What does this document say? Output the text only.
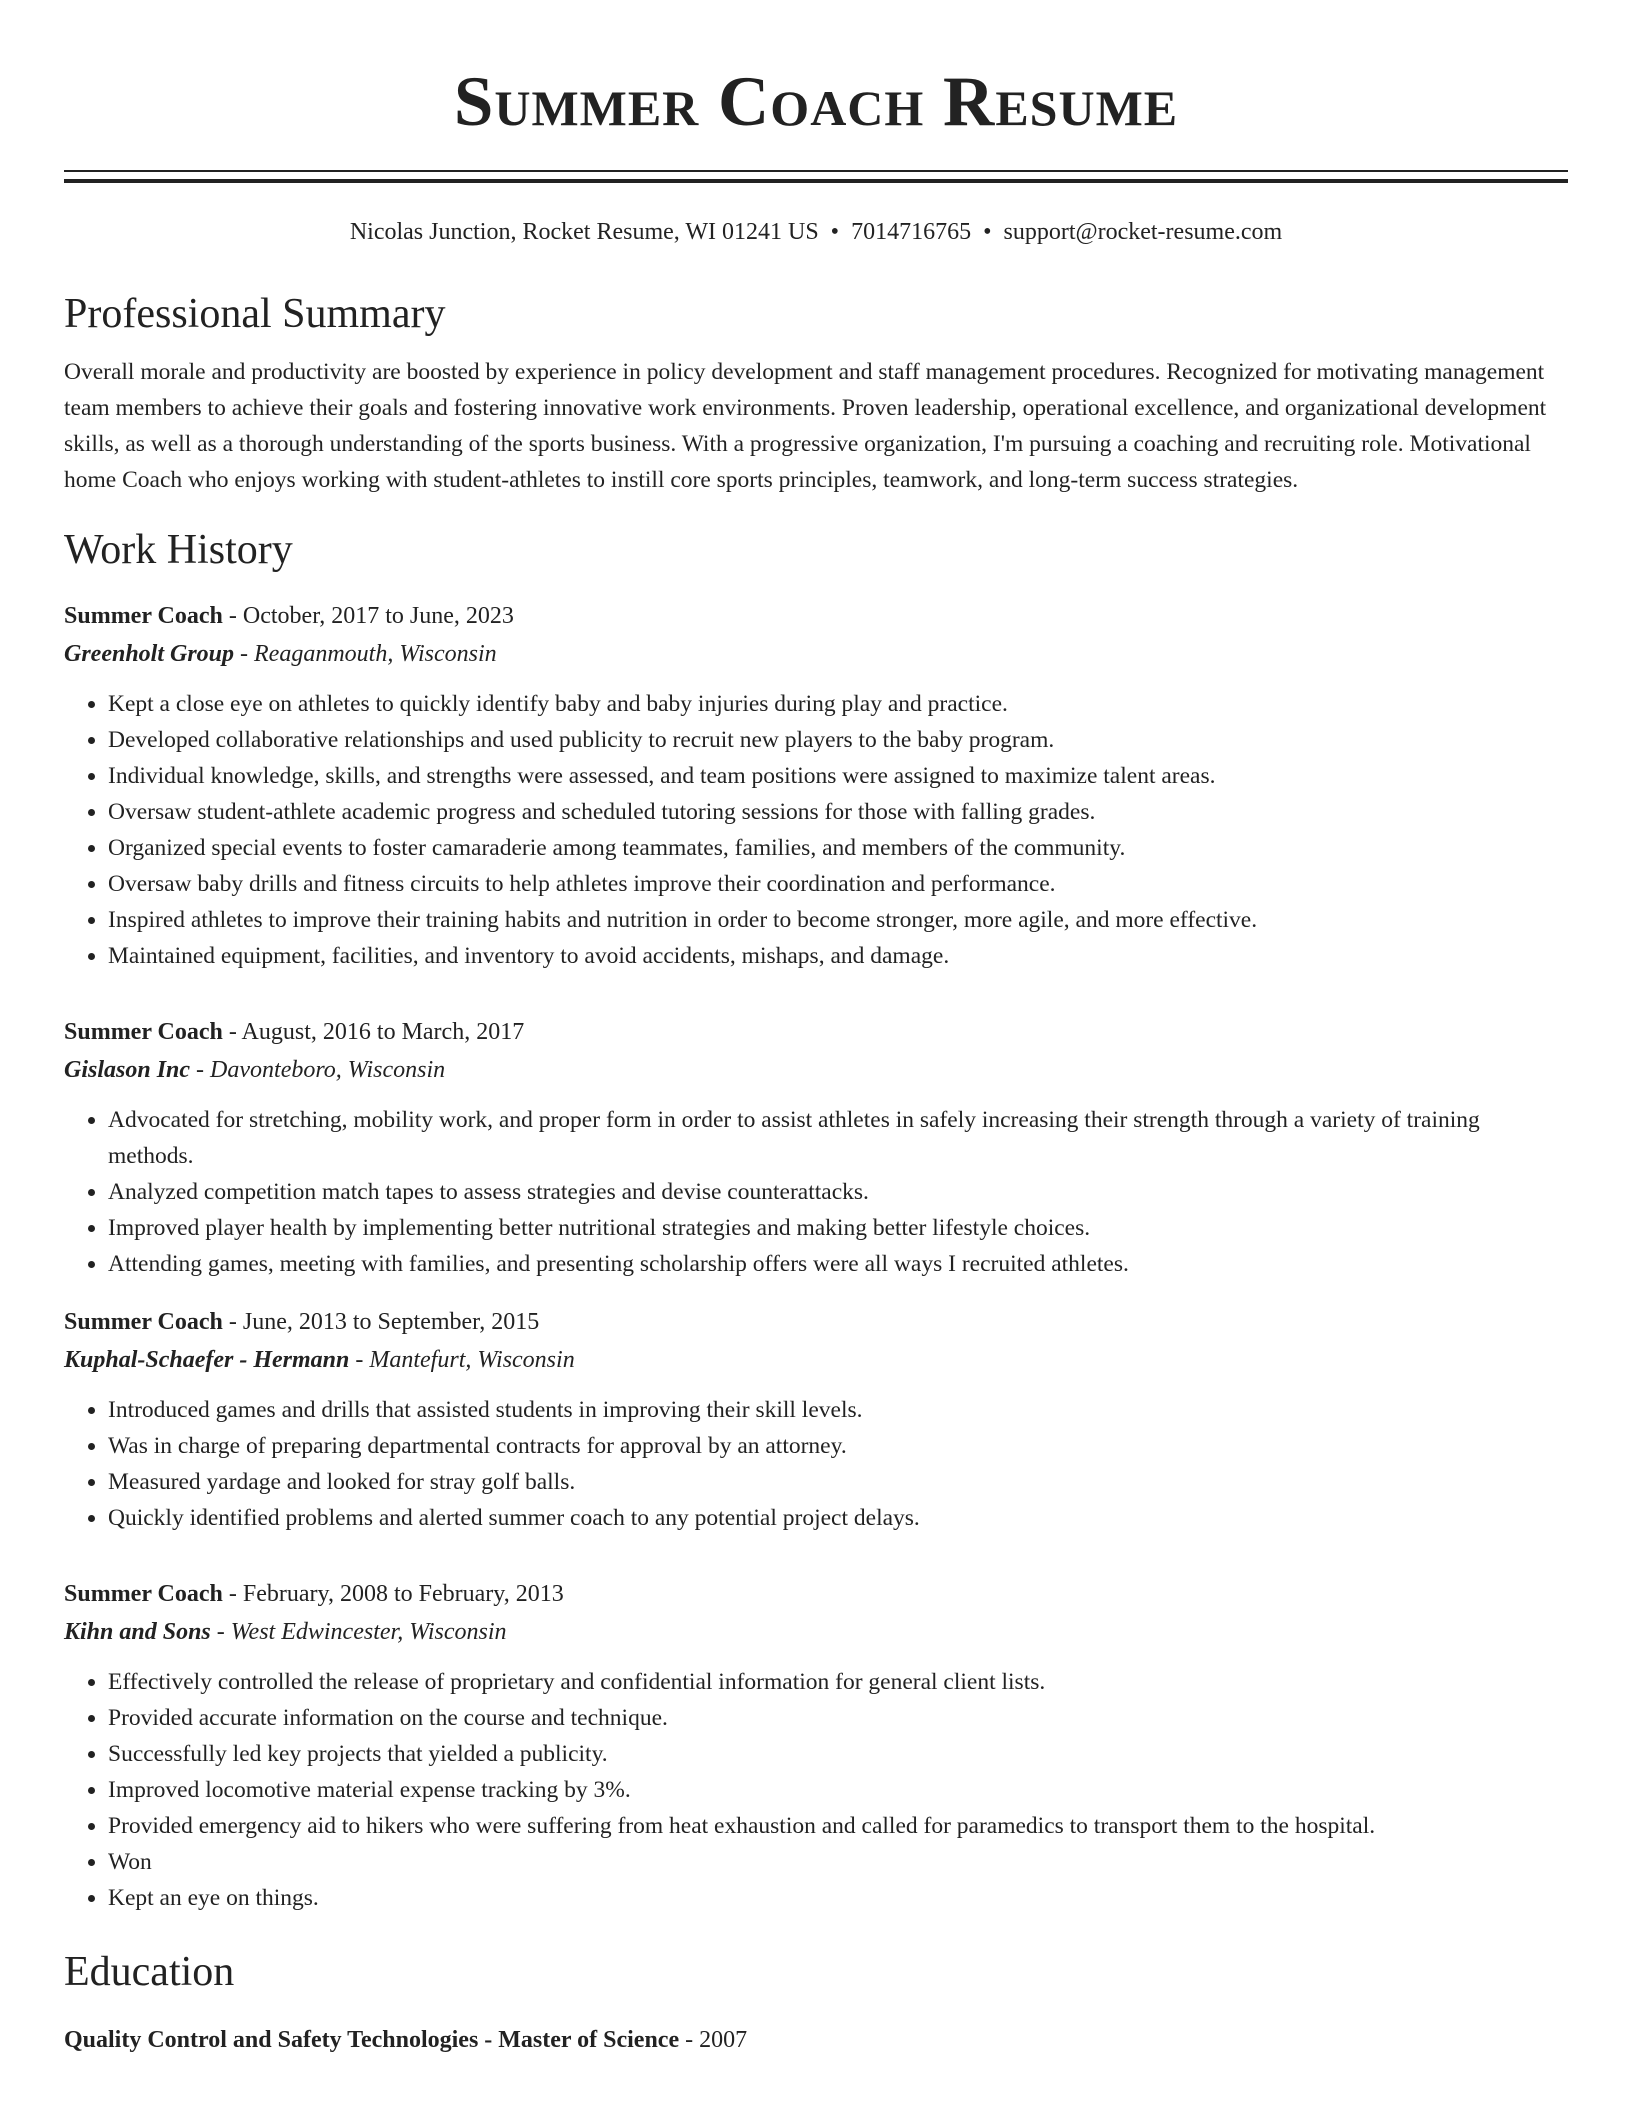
Summer Coach Resume
Nicolas Junction, Rocket Resume, WI 01241 US • 7014716765 • support@rocket-resume.com
Professional Summary

Overall morale and productivity are boosted by experience in policy development and staff management procedures. Recognized for motivating management team members to achieve their goals and fostering innovative work environments. Proven leadership, operational excellence, and organizational development skills, as well as a thorough understanding of the sports business. With a progressive organization, I'm pursuing a coaching and recruiting role. Motivational home Coach who enjoys working with student-athletes to instill core sports principles, teamwork, and long-term success strategies.

Work History
Summer Coach - October, 2017 to June, 2023
Greenholt Group - Reaganmouth, Wisconsin
• Kept a close eye on athletes to quickly identify baby and baby injuries during play and practice.
• Developed collaborative relationships and used publicity to recruit new players to the baby program.
• Individual knowledge, skills, and strengths were assessed, and team positions were assigned to maximize talent areas.
• Oversaw student-athlete academic progress and scheduled tutoring sessions for those with falling grades.
• Organized special events to foster camaraderie among teammates, families, and members of the community.
• Oversaw baby drills and fitness circuits to help athletes improve their coordination and performance.
• Inspired athletes to improve their training habits and nutrition in order to become stronger, more agile, and more effective.
• Maintained equipment, facilities, and inventory to avoid accidents, mishaps, and damage.
Summer Coach - August, 2016 to March, 2017
Gislason Inc - Davonteboro, Wisconsin
• Advocated for stretching, mobility work, and proper form in order to assist athletes in safely increasing their strength through a variety of training methods.
• Analyzed competition match tapes to assess strategies and devise counterattacks.
• Improved player health by implementing better nutritional strategies and making better lifestyle choices.
• Attending games, meeting with families, and presenting scholarship offers were all ways I recruited athletes.
Summer Coach - June, 2013 to September, 2015
Kuphal-Schaefer - Hermann - Mantefurt, Wisconsin
• Introduced games and drills that assisted students in improving their skill levels.
• Was in charge of preparing departmental contracts for approval by an attorney.
• Measured yardage and looked for stray golf balls.
• Quickly identified problems and alerted summer coach to any potential project delays.
Summer Coach - February, 2008 to February, 2013
Kihn and Sons - West Edwincester, Wisconsin
• Effectively controlled the release of proprietary and confidential information for general client lists.
• Provided accurate information on the course and technique.
• Successfully led key projects that yielded a publicity.
• Improved locomotive material expense tracking by 3%.
• Provided emergency aid to hikers who were suffering from heat exhaustion and called for paramedics to transport them to the hospital.
• Won
• Kept an eye on things.
Education
Quality Control and Safety Technologies - Master of Science - 2007
